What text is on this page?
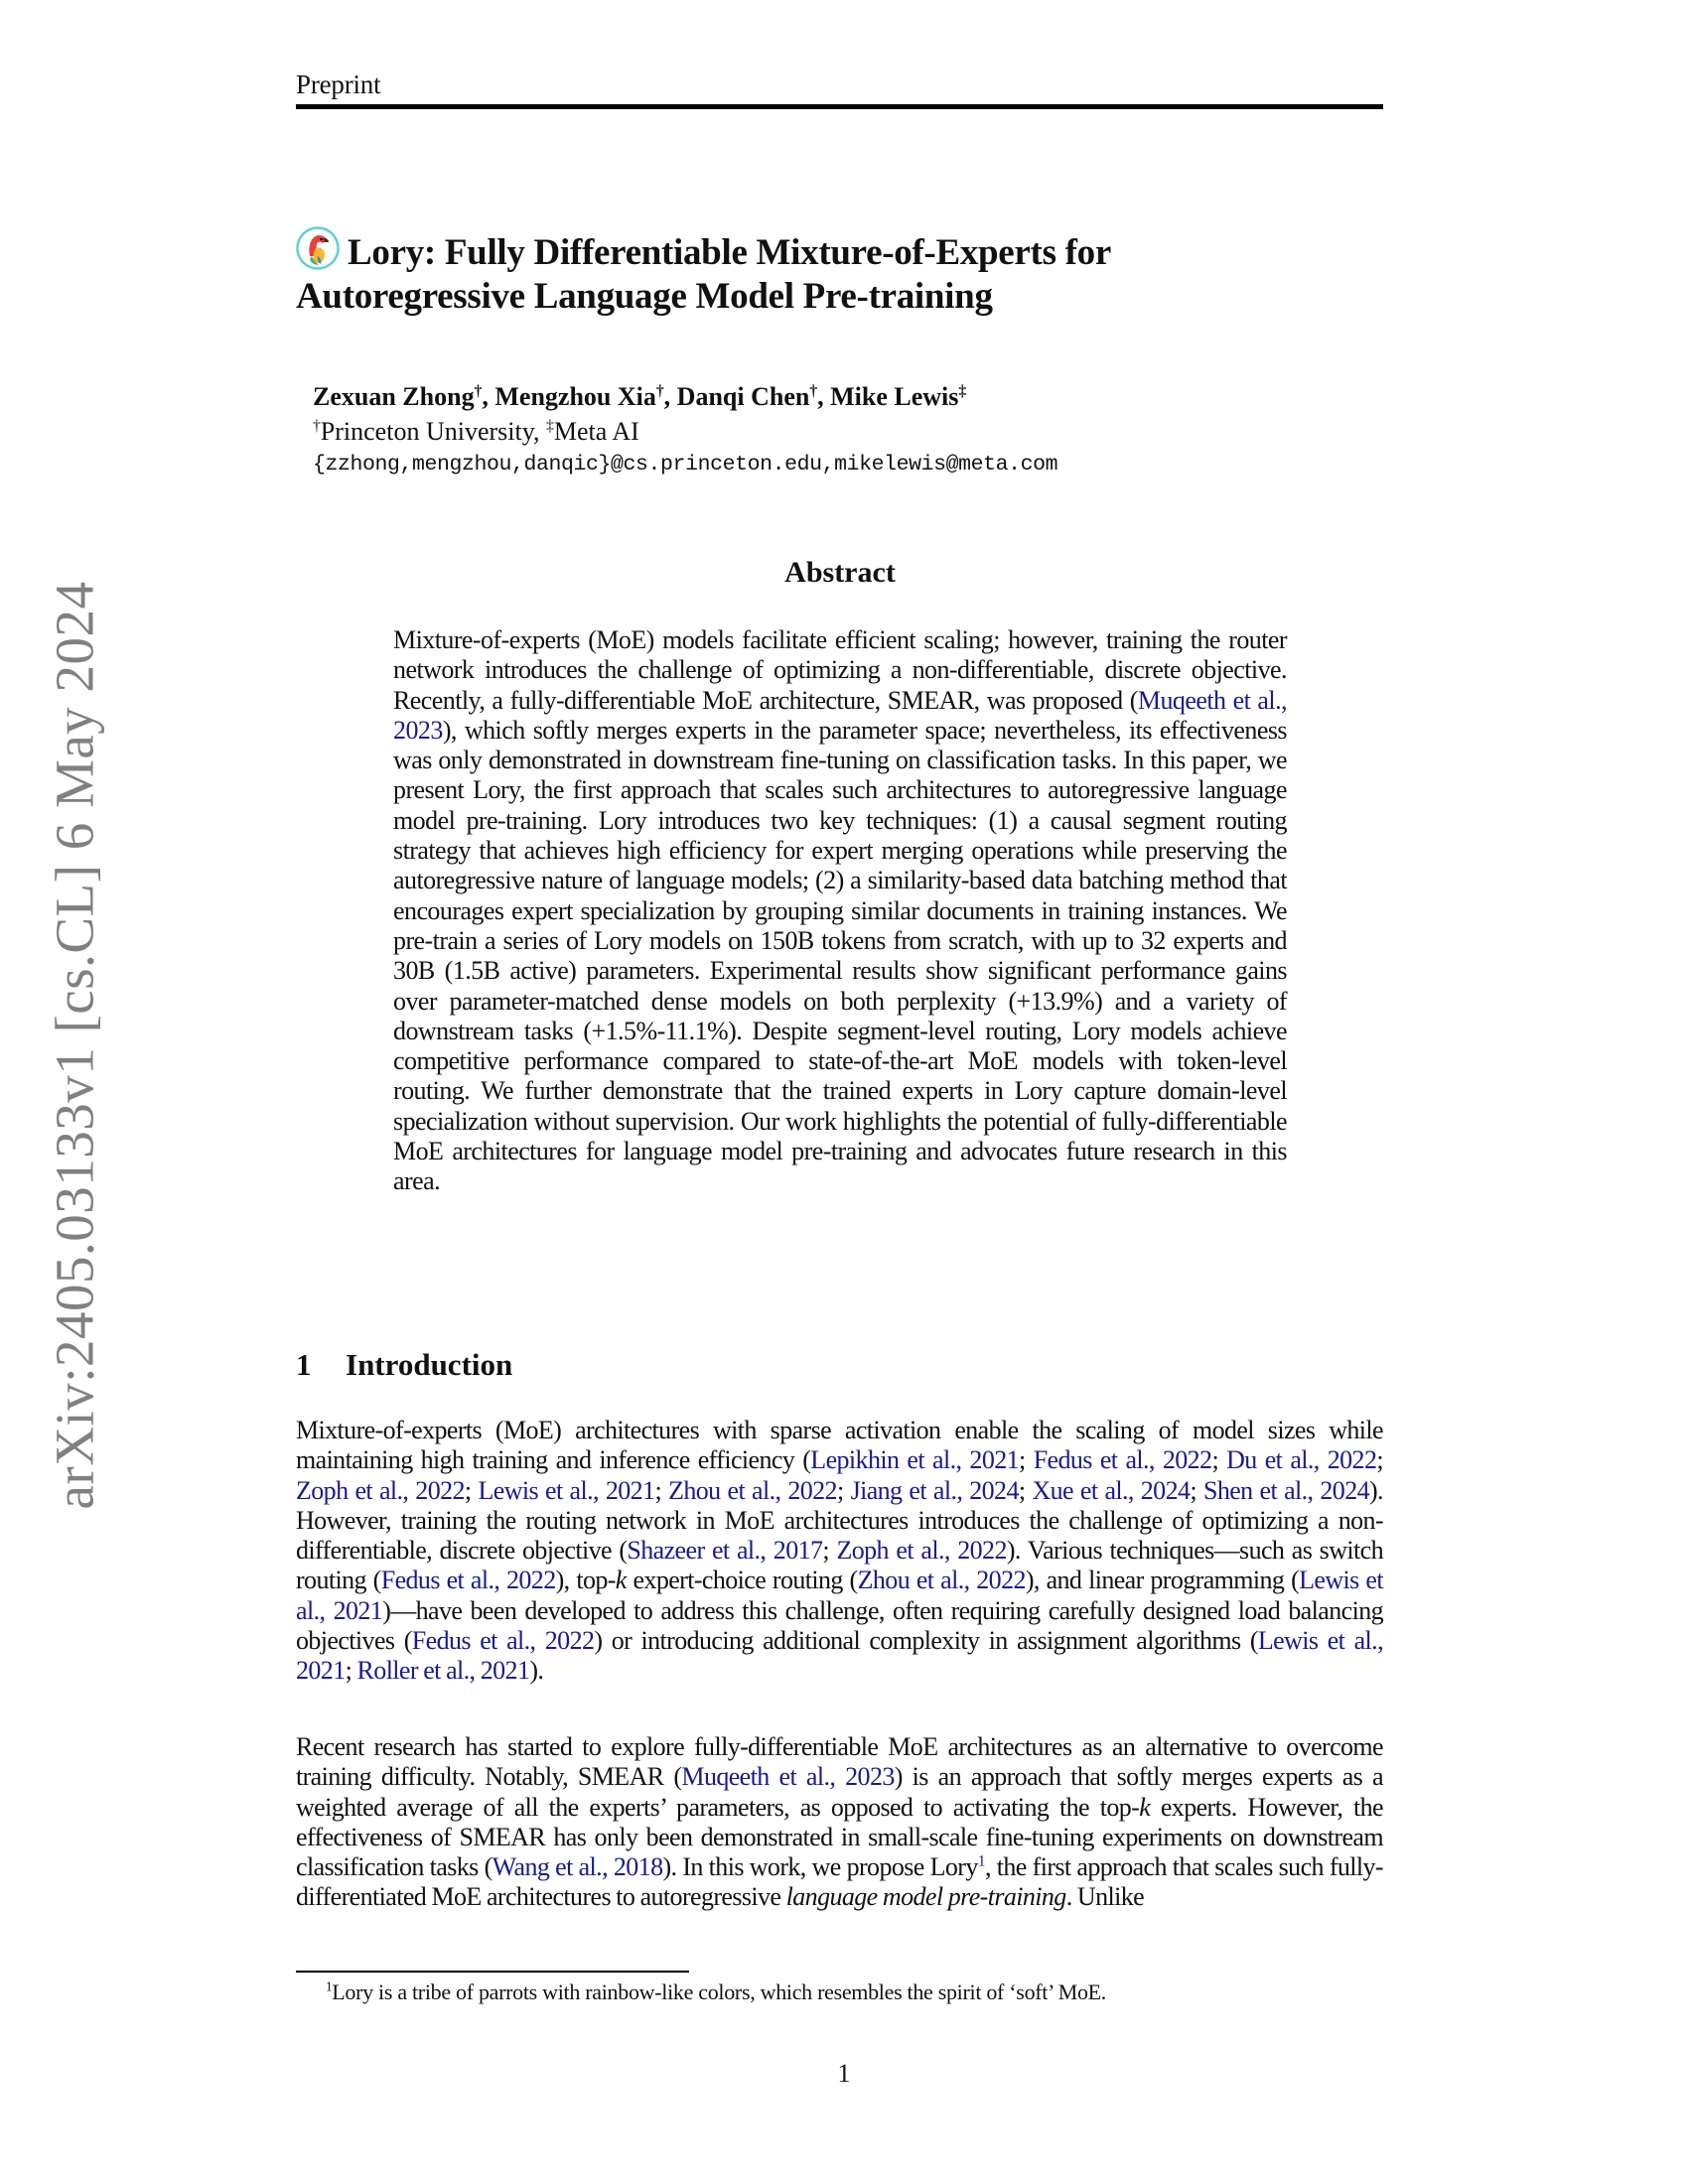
Preprint
arXiv:2405.03133v1 [cs.CL] 6 May 2024
Lory: Fully Differentiable Mixture-of-Experts for
Autoregressive Language Model Pre-training
Zexuan Zhong†, Mengzhou Xia†, Danqi Chen†, Mike Lewis‡
†Princeton University, ‡Meta AI
{zzhong,mengzhou,danqic}@cs.princeton.edu,mikelewis@meta.com
Abstract
Mixture-of-experts (MoE) models facilitate efficient scaling; however, training the router network introduces the challenge of optimizing a non-differentiable, discrete objective. Recently, a fully-differentiable MoE architecture, SMEAR, was proposed (Muqeeth et al., 2023), which softly merges experts in the parameter space; nevertheless, its effectiveness was only demonstrated in downstream fine-tuning on classification tasks. In this paper, we present Lory, the first approach that scales such architectures to autoregressive language model pre-training. Lory introduces two key techniques: (1) a causal segment routing strategy that achieves high efficiency for expert merging operations while preserving the autoregressive nature of language models; (2) a similarity-based data batching method that encourages expert specialization by grouping similar documents in training instances. We pre-train a series of Lory models on 150B tokens from scratch, with up to 32 experts and 30B (1.5B active) parameters. Experimental results show significant performance gains over parameter-matched dense models on both perplexity (+13.9%) and a variety of downstream tasks (+1.5%-11.1%). Despite segment-level routing, Lory models achieve competitive performance compared to state-of-the-art MoE models with token-level routing. We further demonstrate that the trained experts in Lory capture domain-level specialization without supervision. Our work highlights the potential of fully-differentiable MoE architectures for language model pre-training and advocates future research in this area.
1 Introduction
Mixture-of-experts (MoE) architectures with sparse activation enable the scaling of model sizes while maintaining high training and inference efficiency (Lepikhin et al., 2021; Fedus et al., 2022; Du et al., 2022; Zoph et al., 2022; Lewis et al., 2021; Zhou et al., 2022; Jiang et al., 2024; Xue et al., 2024; Shen et al., 2024). However, training the routing network in MoE architectures introduces the challenge of optimizing a non-differentiable, discrete objective (Shazeer et al., 2017; Zoph et al., 2022). Various techniques—such as switch routing (Fedus et al., 2022), top-k expert-choice routing (Zhou et al., 2022), and linear programming (Lewis et al., 2021)—have been developed to address this challenge, often requiring carefully designed load balancing objectives (Fedus et al., 2022) or introducing additional complexity in assignment algorithms (Lewis et al., 2021; Roller et al., 2021).
Recent research has started to explore fully-differentiable MoE architectures as an alternative to overcome training difficulty. Notably, SMEAR (Muqeeth et al., 2023) is an approach that softly merges experts as a weighted average of all the experts’ parameters, as opposed to activating the top-k experts. However, the effectiveness of SMEAR has only been demonstrated in small-scale fine-tuning experiments on downstream classification tasks (Wang et al., 2018). In this work, we propose Lory$^1$, the first approach that scales such fully-differentiated MoE architectures to autoregressive language model pre-training. Unlike
$^1$Lory is a tribe of parrots with rainbow-like colors, which resembles the spirit of ‘soft’ MoE.
1
